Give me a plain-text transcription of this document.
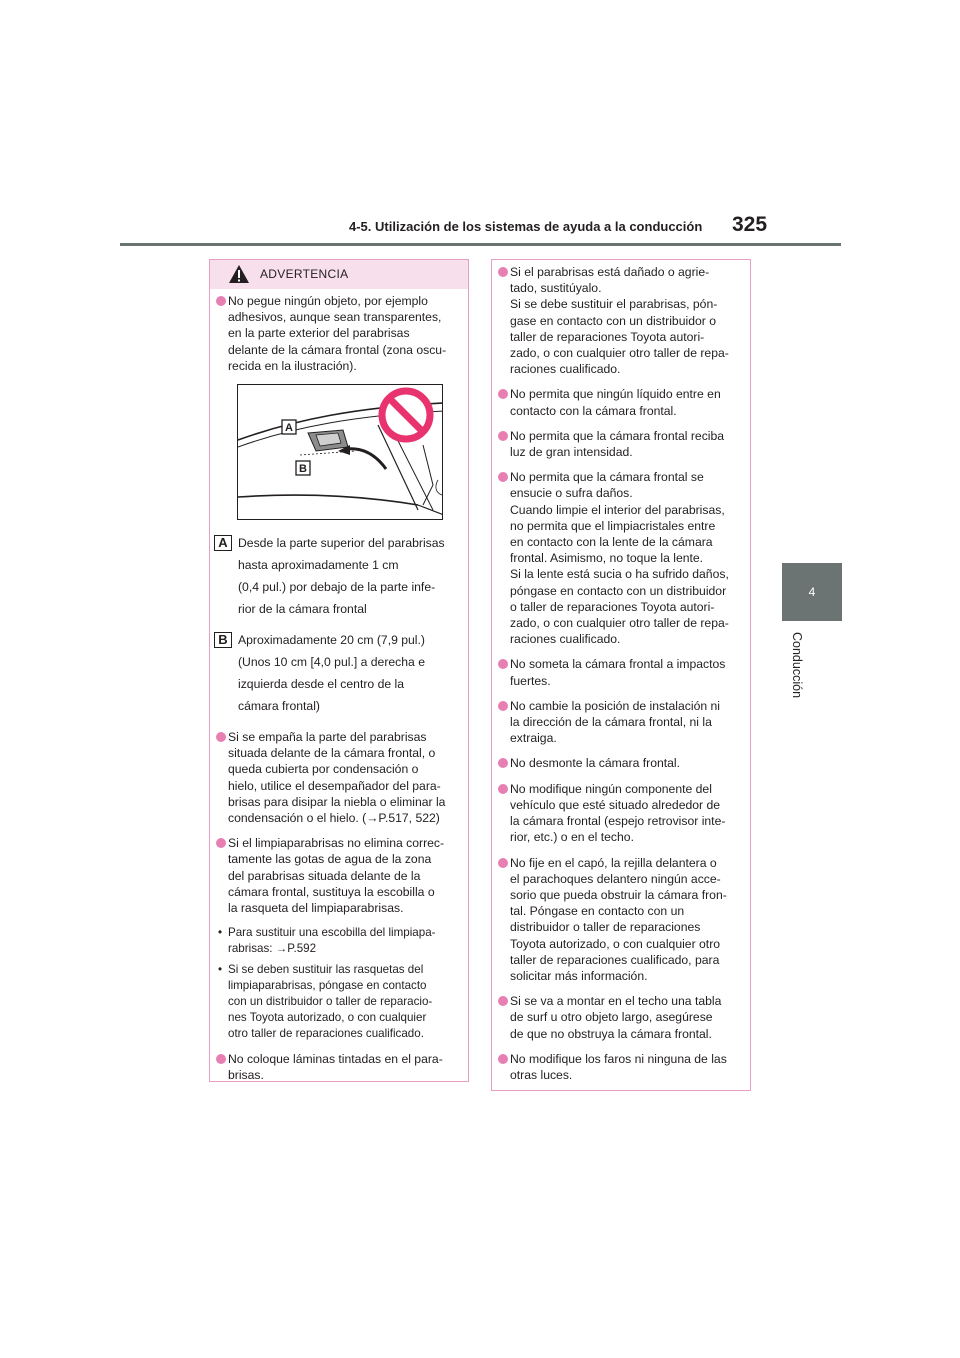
4-5. Utilización de los sistemas de ayuda a la conducción 325
4
Conducción
ADVERTENCIA

No pegue ningún objeto, por ejemplo

adhesivos, aunque sean transparentes,

en la parte exterior del parabrisas

delante de la cámara frontal (zona oscu-

recida en la ilustración).

A
B
A Desde la parte superior del parabrisas

hasta aproximadamente 1 cm

(0,4 pul.) por debajo de la parte infe-

rior de la cámara frontal

B Aproximadamente 20 cm (7,9 pul.)

(Unos 10 cm [4,0 pul.] a derecha e

izquierda desde el centro de la

cámara frontal)

Si se empaña la parte del parabrisas

situada delante de la cámara frontal, o

queda cubierta por condensación o

hielo, utilice el desempañador del para-

brisas para disipar la niebla o eliminar la

condensación o el hielo. (→P.517, 522)

Si el limpiaparabrisas no elimina correc-

tamente las gotas de agua de la zona

del parabrisas situada delante de la

cámara frontal, sustituya la escobilla o

la rasqueta del limpiaparabrisas.

• Para sustituir una escobilla del limpiapa-

rabrisas: →P.592

• Si se deben sustituir las rasquetas del

limpiaparabrisas, póngase en contacto

con un distribuidor o taller de reparacio-

nes Toyota autorizado, o con cualquier

otro taller de reparaciones cualificado.

No coloque láminas tintadas en el para-

brisas.

Si el parabrisas está dañado o agrie-

tado, sustitúyalo.

Si se debe sustituir el parabrisas, pón-

gase en contacto con un distribuidor o

taller de reparaciones Toyota autori-

zado, o con cualquier otro taller de repa-

raciones cualificado.

No permita que ningún líquido entre en

contacto con la cámara frontal.

No permita que la cámara frontal reciba

luz de gran intensidad.

No permita que la cámara frontal se

ensucie o sufra daños.

Cuando limpie el interior del parabrisas,

no permita que el limpiacristales entre

en contacto con la lente de la cámara

frontal. Asimismo, no toque la lente.

Si la lente está sucia o ha sufrido daños,

póngase en contacto con un distribuidor

o taller de reparaciones Toyota autori-

zado, o con cualquier otro taller de repa-

raciones cualificado.

No someta la cámara frontal a impactos

fuertes.

No cambie la posición de instalación ni

la dirección de la cámara frontal, ni la

extraiga.

No desmonte la cámara frontal.

No modifique ningún componente del

vehículo que esté situado alrededor de

la cámara frontal (espejo retrovisor inte-

rior, etc.) o en el techo.

No fije en el capó, la rejilla delantera o

el parachoques delantero ningún acce-

sorio que pueda obstruir la cámara fron-

tal. Póngase en contacto con un

distribuidor o taller de reparaciones

Toyota autorizado, o con cualquier otro

taller de reparaciones cualificado, para

solicitar más información.

Si se va a montar en el techo una tabla

de surf u otro objeto largo, asegúrese

de que no obstruya la cámara frontal.

No modifique los faros ni ninguna de las

otras luces.
